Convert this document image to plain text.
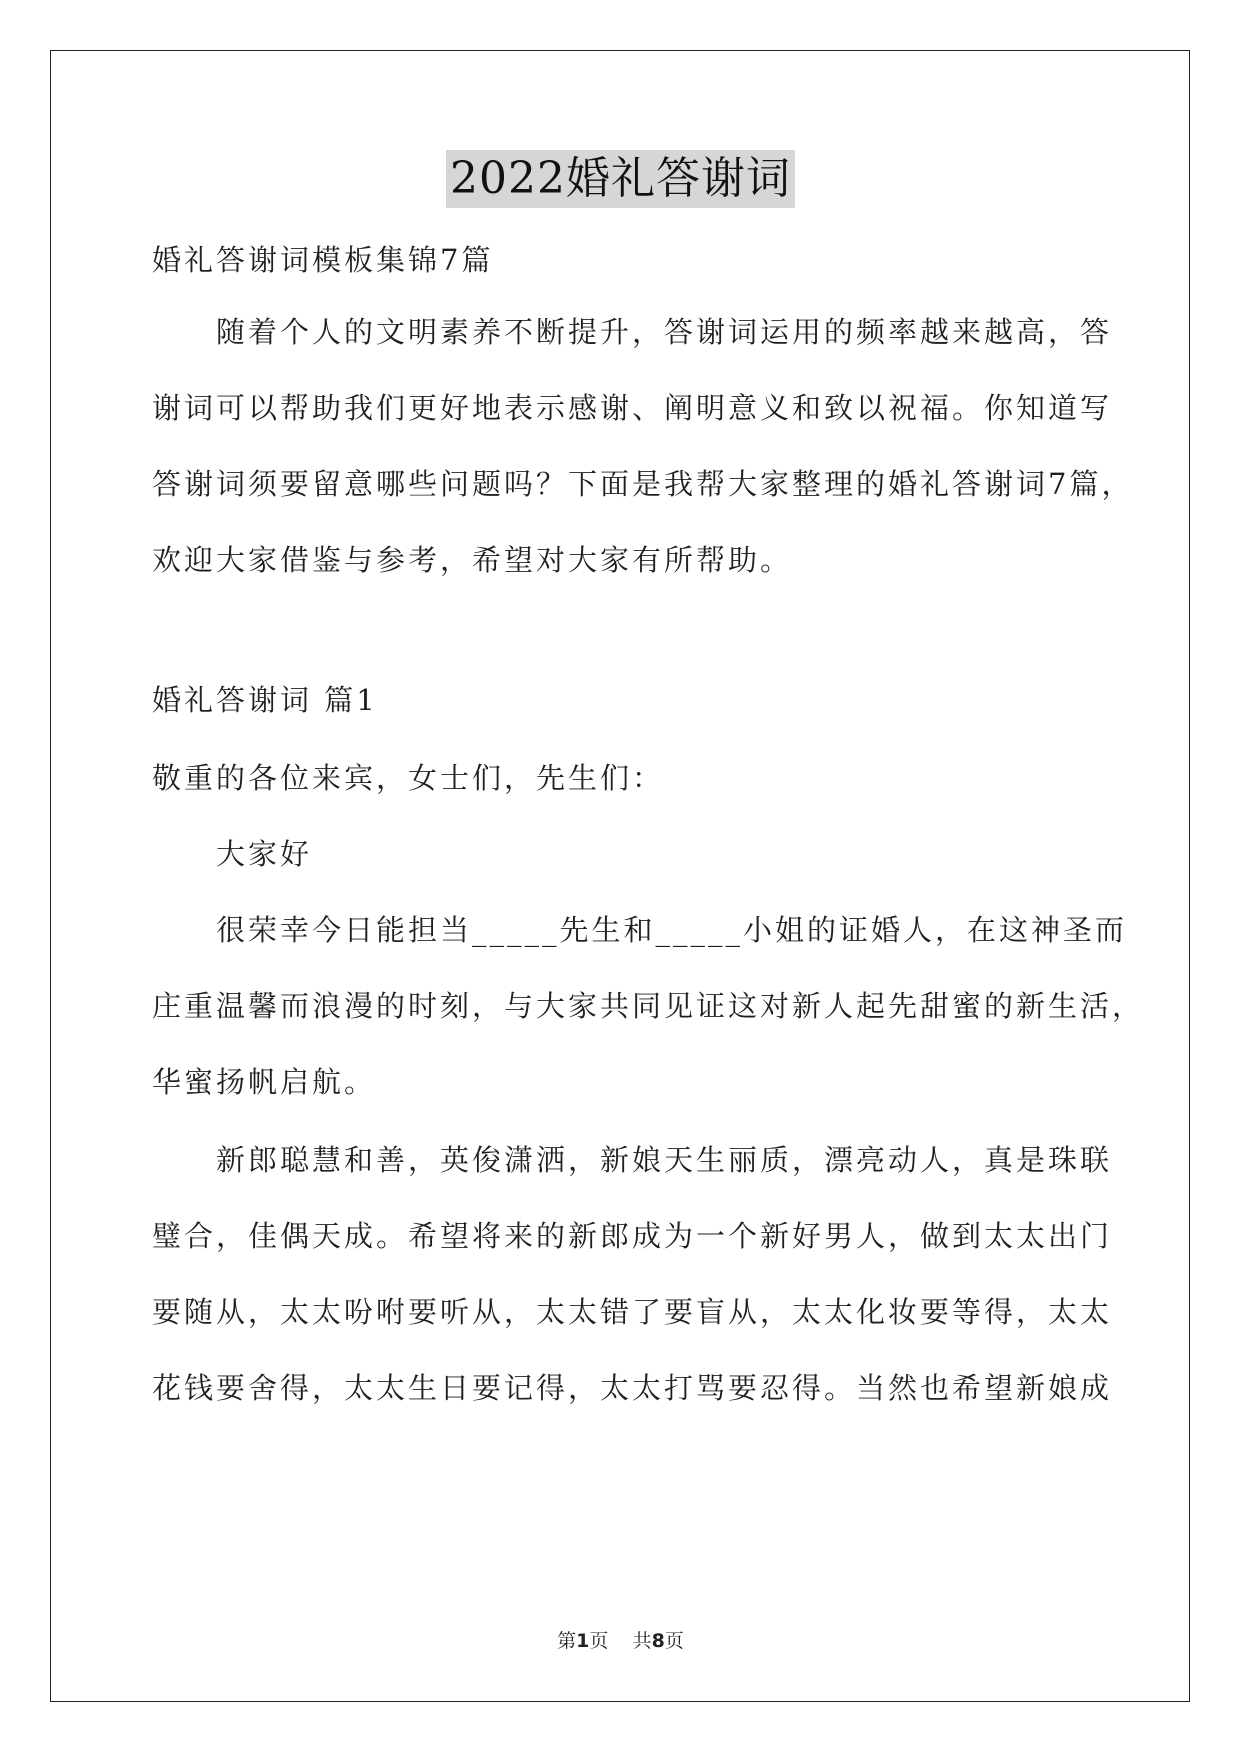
2022婚礼答谢词
婚礼答谢词模板集锦7篇
随着个人的文明素养不断提升，答谢词运用的频率越来越高，答
谢词可以帮助我们更好地表示感谢、阐明意义和致以祝福。你知道写
答谢词须要留意哪些问题吗？下面是我帮大家整理的婚礼答谢词7篇，
欢迎大家借鉴与参考，希望对大家有所帮助。
婚礼答谢词 篇1
敬重的各位来宾，女士们，先生们：
大家好
很荣幸今日能担当_____先生和_____小姐的证婚人，在这神圣而
庄重温馨而浪漫的时刻，与大家共同见证这对新人起先甜蜜的新生活，
华蜜扬帆启航。
新郎聪慧和善，英俊潇洒，新娘天生丽质，漂亮动人，真是珠联
璧合，佳偶天成。希望将来的新郎成为一个新好男人，做到太太出门
要随从，太太吩咐要听从，太太错了要盲从，太太化妆要等得，太太
花钱要舍得，太太生日要记得，太太打骂要忍得。当然也希望新娘成
第1页    共8页
